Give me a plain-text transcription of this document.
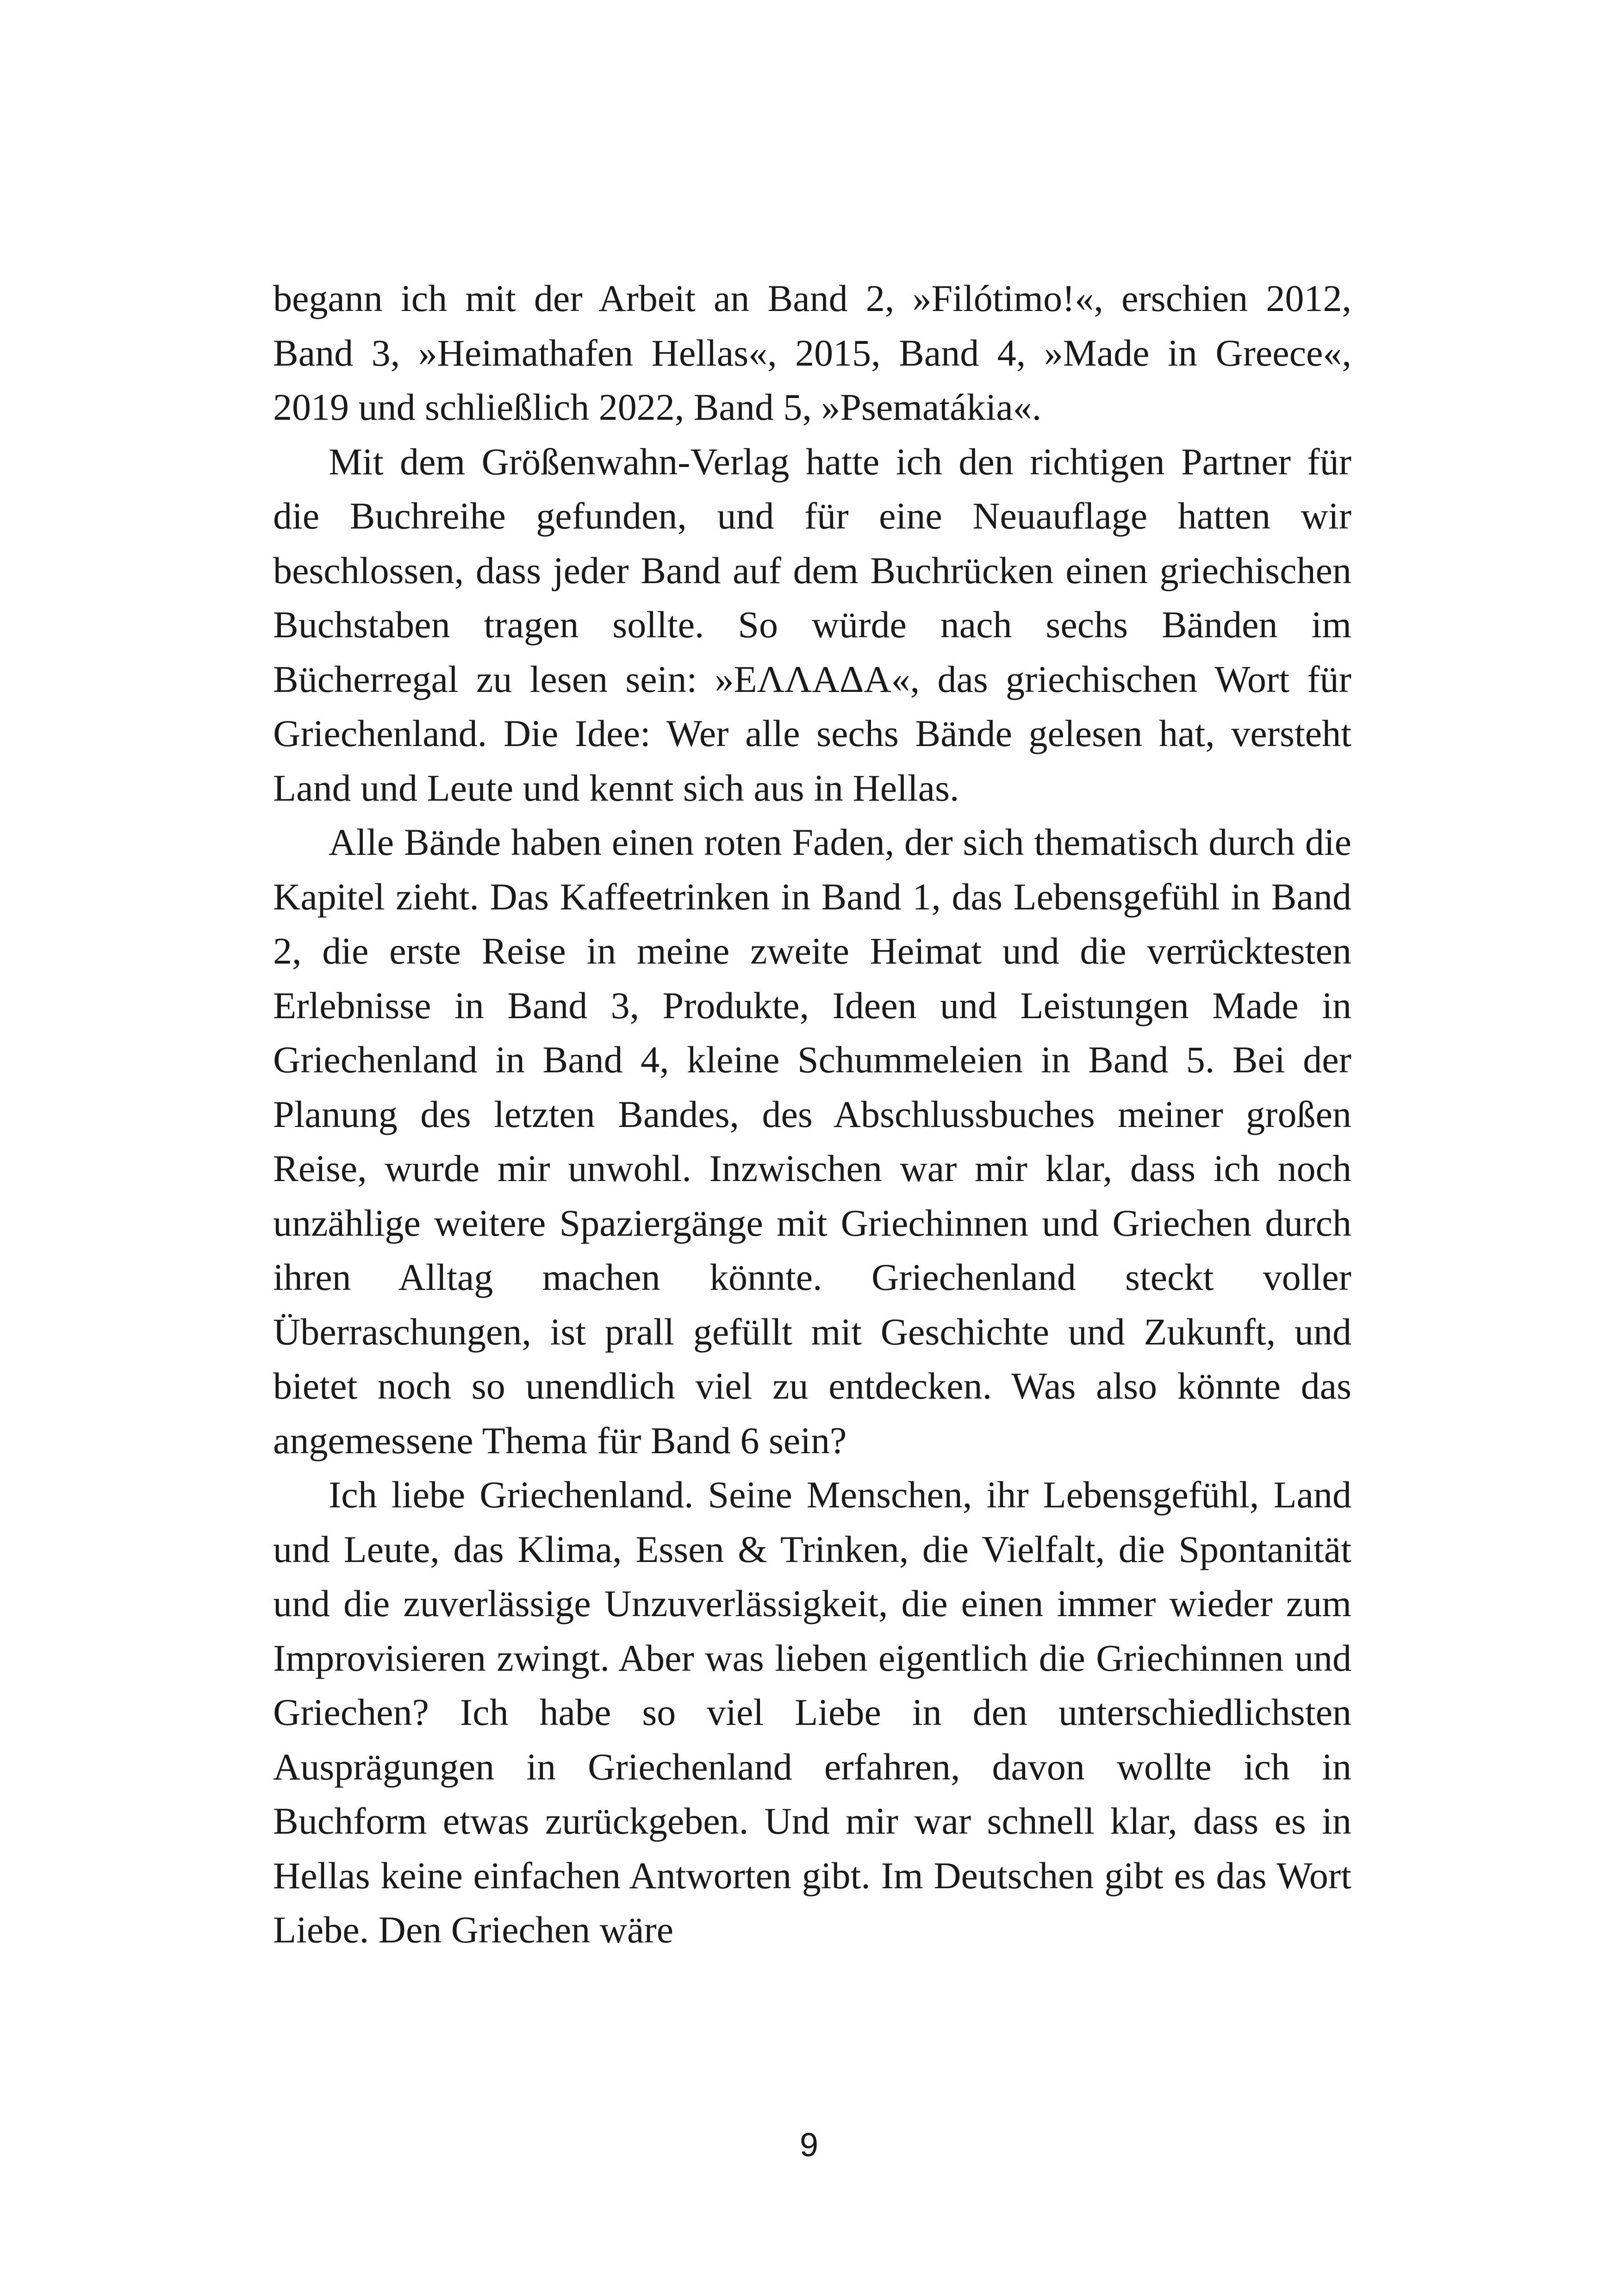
begann ich mit der Arbeit an Band 2, »Filótimo!«, erschien 2012, Band 3, »Heimathafen Hellas«, 2015, Band 4, »Made in Greece«, 2019 und schließlich 2022, Band 5, »Psematákia«.

Mit dem Größenwahn-Verlag hatte ich den richtigen Partner für die Buchreihe gefunden, und für eine Neuauflage hatten wir beschlossen, dass jeder Band auf dem Buchrücken einen griechischen Buchstaben tragen sollte. So würde nach sechs Bänden im Bücherregal zu lesen sein: »ΕΛΛΑΔΑ«, das griechischen Wort für Griechenland. Die Idee: Wer alle sechs Bände gelesen hat, versteht Land und Leute und kennt sich aus in Hellas.

Alle Bände haben einen roten Faden, der sich thematisch durch die Kapitel zieht. Das Kaffeetrinken in Band 1, das Lebensgefühl in Band 2, die erste Reise in meine zweite Heimat und die verrücktesten Erlebnisse in Band 3, Produkte, Ideen und Leistungen Made in Griechenland in Band 4, kleine Schummeleien in Band 5. Bei der Planung des letzten Bandes, des Abschlussbuches meiner großen Reise, wurde mir unwohl. Inzwischen war mir klar, dass ich noch unzählige weitere Spaziergänge mit Griechinnen und Griechen durch ihren Alltag machen könnte. Griechenland steckt voller Überraschungen, ist prall gefüllt mit Geschichte und Zukunft, und bietet noch so unendlich viel zu entdecken. Was also könnte das angemessene Thema für Band 6 sein?

Ich liebe Griechenland. Seine Menschen, ihr Lebensgefühl, Land und Leute, das Klima, Essen & Trinken, die Vielfalt, die Spontanität und die zuverlässige Unzuverlässigkeit, die einen immer wieder zum Improvisieren zwingt. Aber was lieben eigentlich die Griechinnen und Griechen? Ich habe so viel Liebe in den unterschiedlichsten Ausprägungen in Griechenland erfahren, davon wollte ich in Buchform etwas zurückgeben. Und mir war schnell klar, dass es in Hellas keine einfachen Antworten gibt. Im Deutschen gibt es das Wort Liebe. Den Griechen wäre

9
